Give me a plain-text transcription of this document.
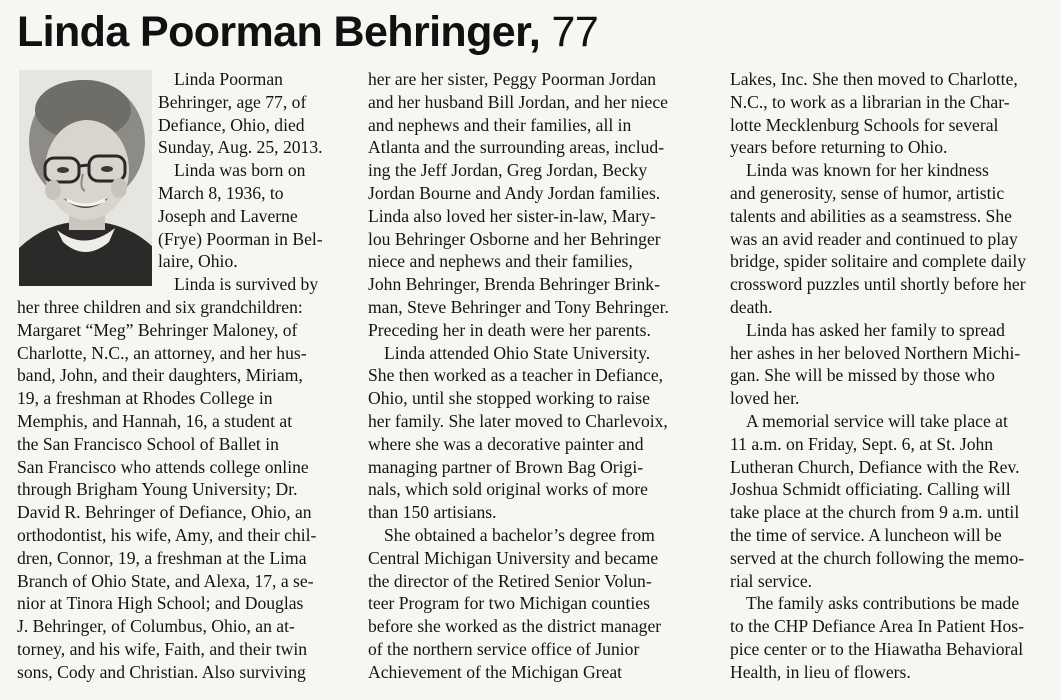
Linda Poorman Behringer, 77
Linda Poorman
Behringer, age 77, of
Defiance, Ohio, died
Sunday, Aug. 25, 2013.
Linda was born on
March 8, 1936, to
Joseph and Laverne
(Frye) Poorman in Bel-
laire, Ohio.
Linda is survived by
her three children and six grandchildren:
Margaret “Meg” Behringer Maloney, of
Charlotte, N.C., an attorney, and her hus-
band, John, and their daughters, Miriam,
19, a freshman at Rhodes College in
Memphis, and Hannah, 16, a student at
the San Francisco School of Ballet in
San Francisco who attends college online
through Brigham Young University; Dr.
David R. Behringer of Defiance, Ohio, an
orthodontist, his wife, Amy, and their chil-
dren, Connor, 19, a freshman at the Lima
Branch of Ohio State, and Alexa, 17, a se-
nior at Tinora High School; and Douglas
J. Behringer, of Columbus, Ohio, an at-
torney, and his wife, Faith, and their twin
sons, Cody and Christian. Also surviving
her are her sister, Peggy Poorman Jordan
and her husband Bill Jordan, and her niece
and nephews and their families, all in
Atlanta and the surrounding areas, includ-
ing the Jeff Jordan, Greg Jordan, Becky
Jordan Bourne and Andy Jordan families.
Linda also loved her sister-in-law, Mary-
lou Behringer Osborne and her Behringer
niece and nephews and their families,
John Behringer, Brenda Behringer Brink-
man, Steve Behringer and Tony Behringer.
Preceding her in death were her parents.
Linda attended Ohio State University.
She then worked as a teacher in Defiance,
Ohio, until she stopped working to raise
her family. She later moved to Charlevoix,
where she was a decorative painter and
managing partner of Brown Bag Origi-
nals, which sold original works of more
than 150 artisians.
She obtained a bachelor’s degree from
Central Michigan University and became
the director of the Retired Senior Volun-
teer Program for two Michigan counties
before she worked as the district manager
of the northern service office of Junior
Achievement of the Michigan Great
Lakes, Inc. She then moved to Charlotte,
N.C., to work as a librarian in the Char-
lotte Mecklenburg Schools for several
years before returning to Ohio.
Linda was known for her kindness
and generosity, sense of humor, artistic
talents and abilities as a seamstress. She
was an avid reader and continued to play
bridge, spider solitaire and complete daily
crossword puzzles until shortly before her
death.
Linda has asked her family to spread
her ashes in her beloved Northern Michi-
gan. She will be missed by those who
loved her.
A memorial service will take place at
11 a.m. on Friday, Sept. 6, at St. John
Lutheran Church, Defiance with the Rev.
Joshua Schmidt officiating. Calling will
take place at the church from 9 a.m. until
the time of service. A luncheon will be
served at the church following the memo-
rial service.
The family asks contributions be made
to the CHP Defiance Area In Patient Hos-
pice center or to the Hiawatha Behavioral
Health, in lieu of flowers.
